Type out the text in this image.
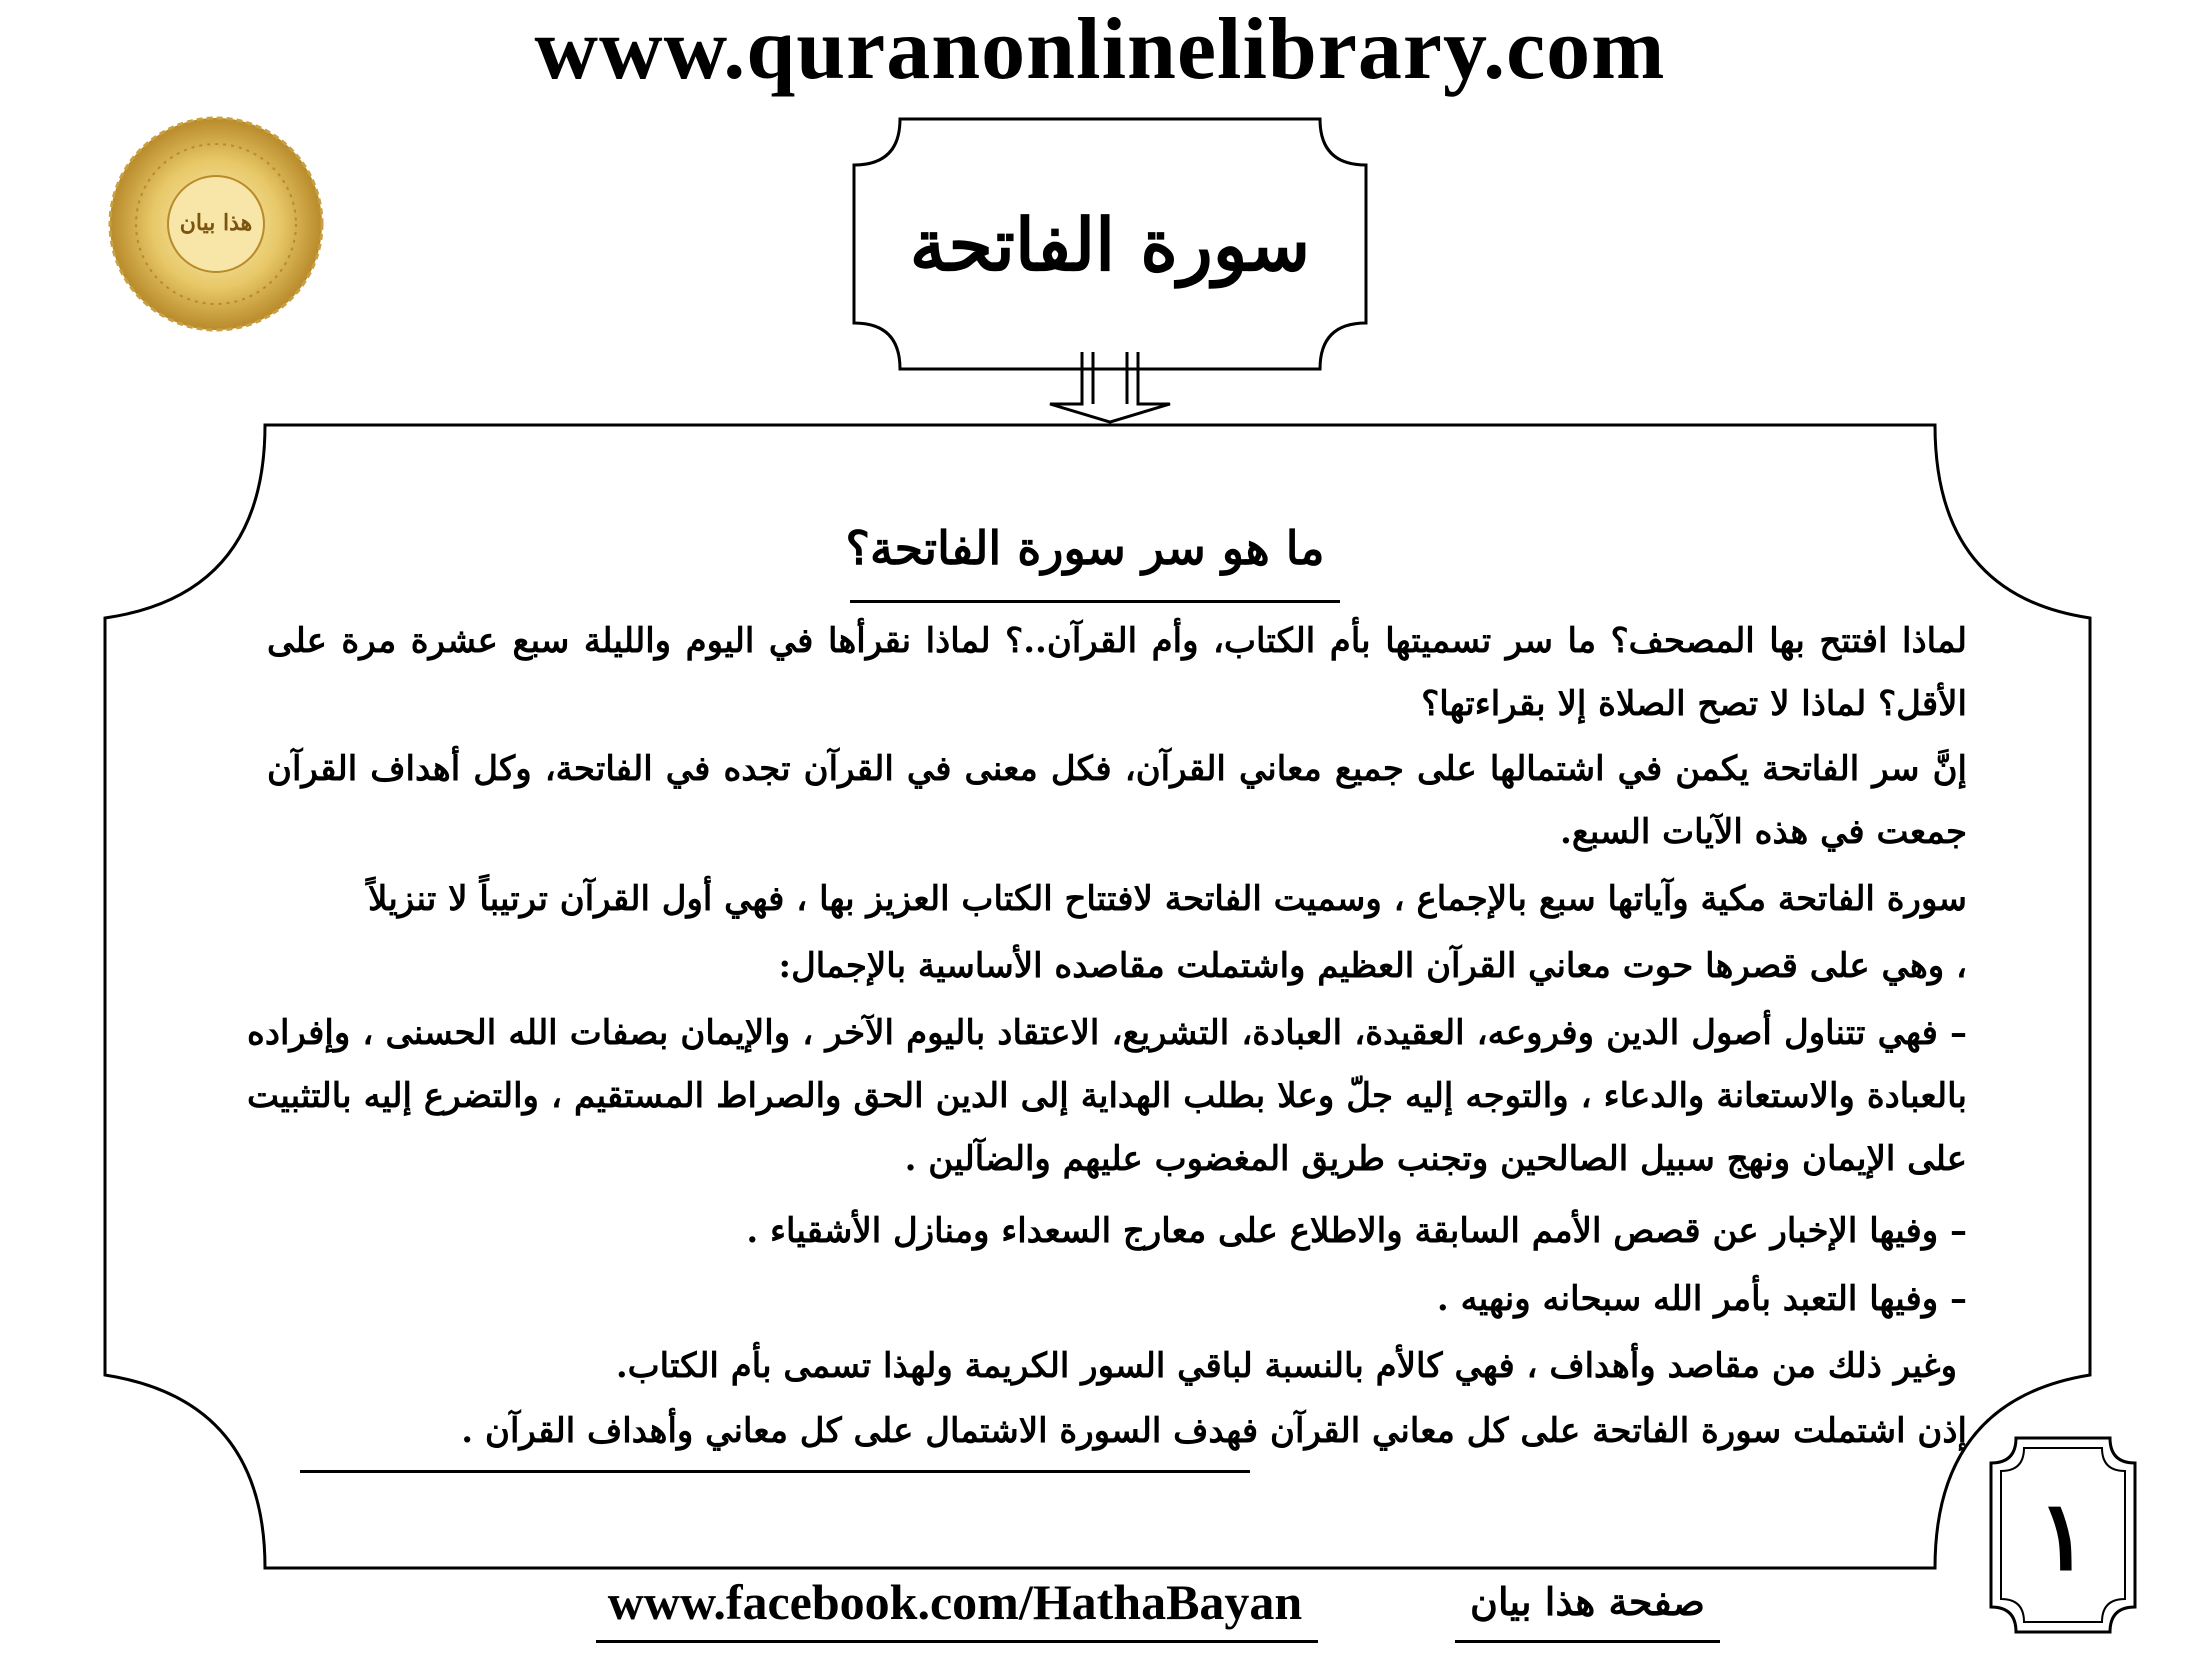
www.quranonlinelibrary.com
هذا بيان	سورة الفاتحة
ما هو سر سورة الفاتحة؟
لماذا افتتح بها المصحف؟ ما سر تسميتها بأم الكتاب، وأم القرآن..؟ لماذا نقرأها في اليوم والليلة سبع عشرة مرة على الأقل؟ لماذا لا تصح الصلاة إلا بقراءتها؟
إنَّ سر الفاتحة يكمن في اشتمالها على جميع معاني القرآن، فكل معنى في القرآن تجده في الفاتحة، وكل أهداف القرآن جمعت في هذه الآيات السبع.
سورة الفاتحة مكية وآياتها سبع بالإجماع ، وسميت الفاتحة لافتتاح الكتاب العزيز بها ، فهي أول القرآن ترتيباً لا تنزيلاً
، وهي على قصرها حوت معاني القرآن العظيم واشتملت مقاصده الأساسية بالإجمال:
– فهي تتناول أصول الدين وفروعه، العقيدة، العبادة، التشريع، الاعتقاد باليوم الآخر ، والإيمان بصفات الله الحسنى ، وإفراده بالعبادة والاستعانة والدعاء ، والتوجه إليه جلّ وعلا بطلب الهداية إلى الدين الحق والصراط المستقيم ، والتضرع إليه بالتثبيت على الإيمان ونهج سبيل الصالحين وتجنب طريق المغضوب عليهم والضآلين .
– وفيها الإخبار عن قصص الأمم السابقة والاطلاع على معارج السعداء ومنازل الأشقياء .
– وفيها التعبد بأمر الله سبحانه ونهيه .
وغير ذلك من مقاصد وأهداف ، فهي كالأم بالنسبة لباقي السور الكريمة ولهذا تسمى بأم الكتاب.
إذن اشتملت سورة الفاتحة على كل معاني القرآن فهدف السورة الاشتمال على كل معاني وأهداف القرآن .
١
www.facebook.com/HathaBayan	صفحة هذا بيان
